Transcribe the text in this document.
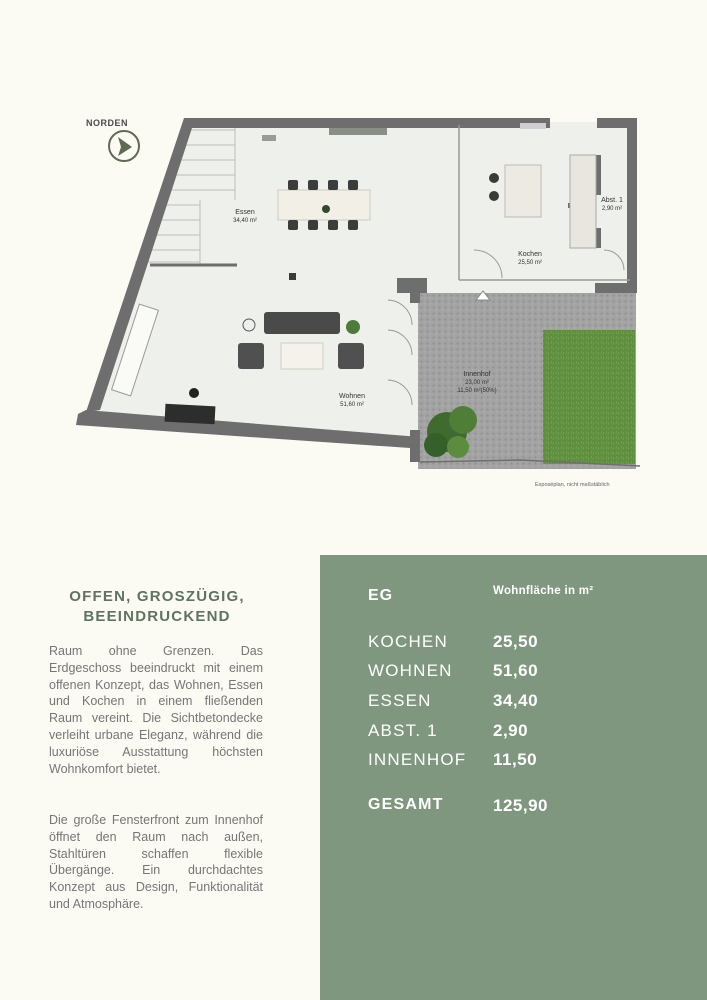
Essen
34,40 m²
Kochen
25,50 m²
Abst. 1
2,90 m²
Wohnen
51,60 m²
Innenhof
23,00 m²
11,50 m²(50%)
NORDEN
Exposéplan, nicht maßstäblich
OFFEN, GROSZÜGIG,
BEEINDRUCKEND

Raum ohne Grenzen. Das Erdgeschoss beeindruckt mit einem offenen Konzept, das Wohnen, Essen und Kochen in einem fließenden Raum vereint. Die Sichtbetondecke verleiht urbane Eleganz, während die luxuriöse Ausstattung höchsten Wohnkomfort bietet.

Die große Fensterfront zum Innenhof öffnet den Raum nach außen, Stahltüren schaffen flexible Übergänge. Ein durchdachtes Konzept aus Design, Funktionalität und Atmosphäre.

EG	Wohnfläche in m²
KOCHEN	25,50
WOHNEN 51,60
ESSEN	34,40
ABST. 1	2,90
INNENHOF 11,50
GESAMT	125,90
